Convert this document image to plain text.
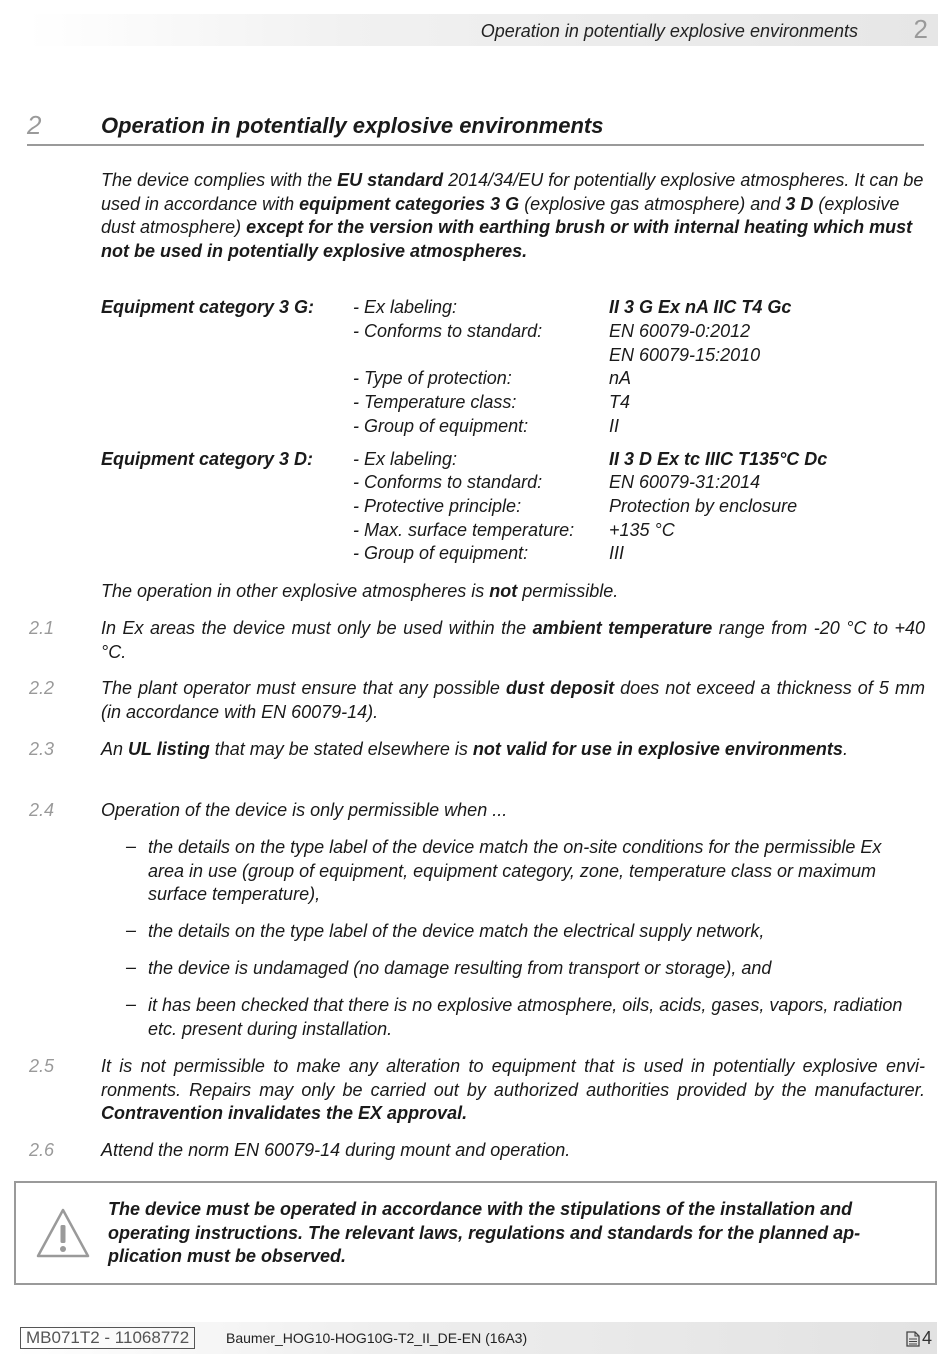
Operation in potentially explosive environments 2
2	Operation in potentially explosive environments
The device complies with the EU standard 2014/34/EU for potentially explosive atmospheres. It can be used in accordance with equipment categories 3 G (explosive gas atmosphere) and 3 D (explosive dust atmosphere) except for the version with earthing brush or with internal heating which must not be used in potentially explosive atmospheres.
Equipment category 3 G: - Ex labeling:	II 3 G Ex nA IIC T4 Gc
- Conforms to standard:	EN 60079-0:2012
EN 60079-15:2010
- Type of protection:	nA
- Temperature class:	T4
- Group of equipment:	II
Equipment category 3 D: - Ex labeling:	II 3 D Ex tc IIIC T135°C Dc
- Conforms to standard:	EN 60079-31:2014
- Protective principle:	Protection by enclosure
- Max. surface temperature: +135 °C
- Group of equipment:	III
The operation in other explosive atmospheres is not permissible.
2.1	In Ex areas the device must only be used within the ambient temperature range from -20 °C to +40 °C.
2.2	The plant operator must ensure that any possible dust deposit does not exceed a thickness of 5 mm (in accordance with EN 60079-14).
2.3	An UL listing that may be stated elsewhere is not valid for use in explosive environments.
2.4	Operation of the device is only permissible when ...
– the details on the type label of the device match the on-site conditions for the permissible Ex area in use (group of equipment, equipment category, zone, temperature class or maximum surface temperature),
– the details on the type label of the device match the electrical supply network,
– the device is undamaged (no damage resulting from transport or storage), and
– it has been checked that there is no explosive atmosphere, oils, acids, gases, vapors, radiation etc. present during installation.
2.5	It is not permissible to make any alteration to equipment that is used in potentially explosive environments. Repairs may only be carried out by authorized authorities provided by the manufacturer. Contravention invalidates the EX approval.
2.6	Attend the norm EN 60079-14 during mount and operation.
The device must be operated in accordance with the stipulations of the installation and operating instructions. The relevant laws, regulations and standards for the planned application must be observed.
MB071T2 - 11068772	Baumer_HOG10-HOG10G-T2_II_DE-EN (16A3)	4
